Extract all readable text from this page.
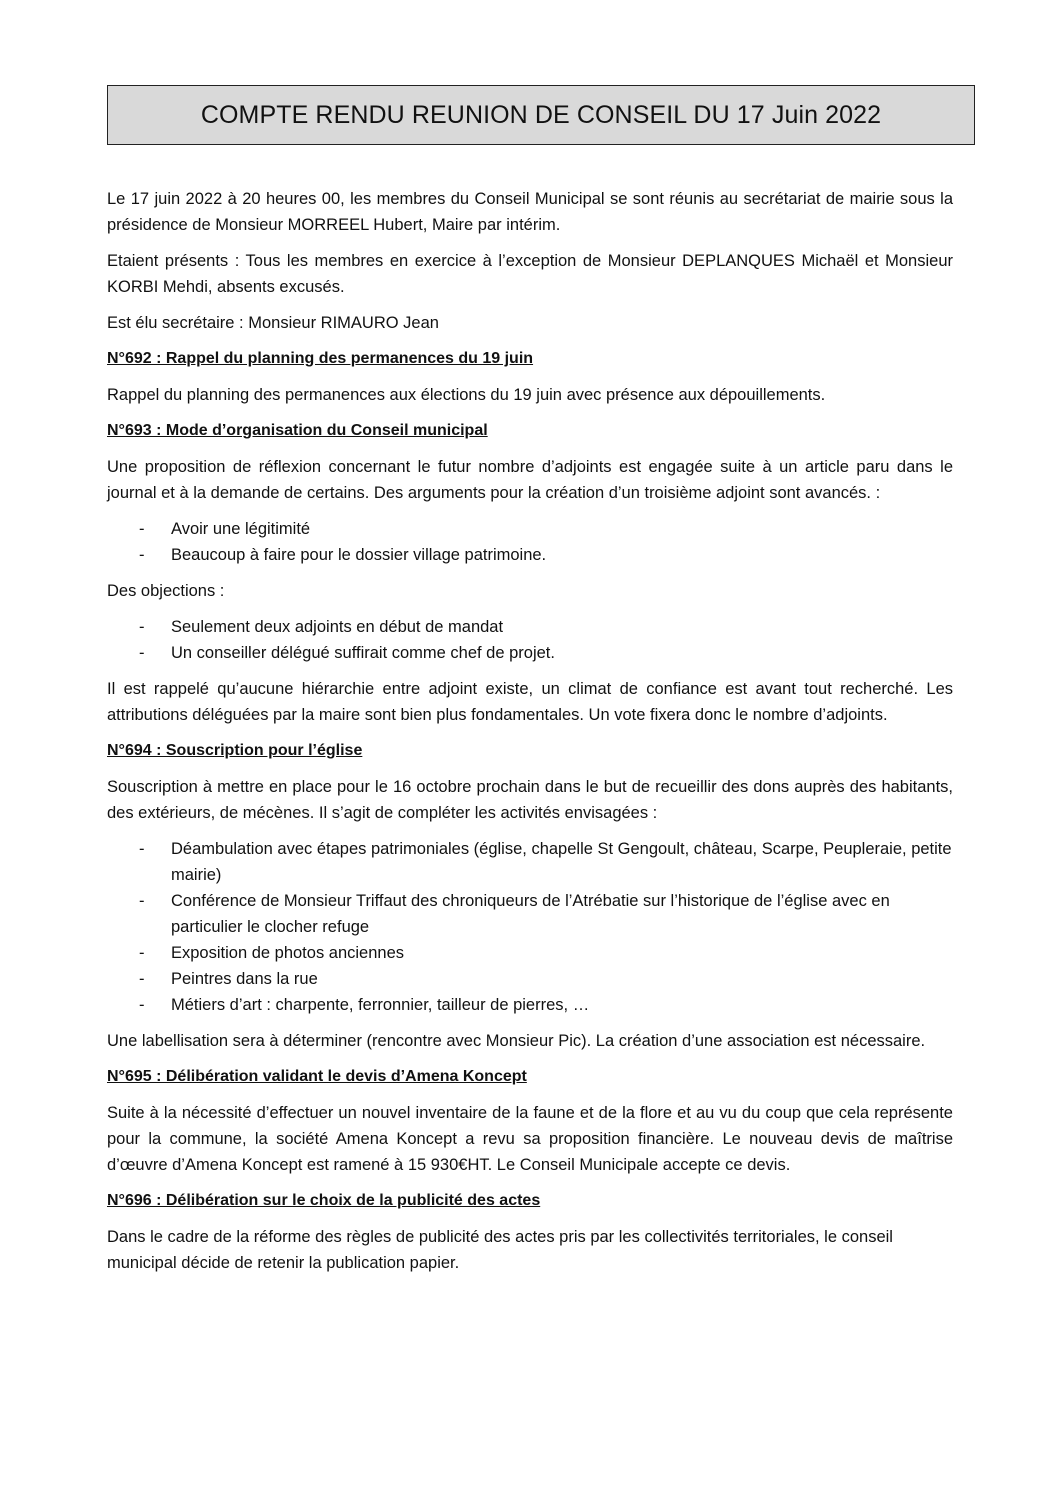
COMPTE RENDU REUNION DE CONSEIL DU 17 Juin 2022

Le 17 juin 2022 à 20 heures 00, les membres du Conseil Municipal se sont réunis au secrétariat de mairie sous la présidence de Monsieur MORREEL Hubert, Maire par intérim.

Etaient présents : Tous les membres en exercice à l’exception de Monsieur DEPLANQUES Michaël et Monsieur KORBI Mehdi, absents excusés.

Est élu secrétaire : Monsieur RIMAURO Jean

N°692 : Rappel du planning des permanences du 19 juin

Rappel du planning des permanences aux élections du 19 juin avec présence aux dépouillements.

N°693 : Mode d’organisation du Conseil municipal

Une proposition de réflexion concernant le futur nombre d’adjoints est engagée suite à un article paru dans le journal et à la demande de certains. Des arguments pour la création d’un troisième adjoint sont avancés. :

- Avoir une légitimité
- Beaucoup à faire pour le dossier village patrimoine.

Des objections :

- Seulement deux adjoints en début de mandat
- Un conseiller délégué suffirait comme chef de projet.

Il est rappelé qu’aucune hiérarchie entre adjoint existe, un climat de confiance est avant tout recherché. Les attributions déléguées par la maire sont bien plus fondamentales. Un vote fixera donc le nombre d’adjoints.

N°694 : Souscription pour l’église

Souscription à mettre en place pour le 16 octobre prochain dans le but de recueillir des dons auprès des habitants, des extérieurs, de mécènes. Il s’agit de compléter les activités envisagées :

- Déambulation avec étapes patrimoniales (église, chapelle St Gengoult, château, Scarpe, Peupleraie, petite mairie)
- Conférence de Monsieur Triffaut des chroniqueurs de l’Atrébatie sur l’historique de l’église avec en particulier le clocher refuge
- Exposition de photos anciennes
- Peintres dans la rue
- Métiers d’art : charpente, ferronnier, tailleur de pierres, …

Une labellisation sera à déterminer (rencontre avec Monsieur Pic). La création d’une association est nécessaire.

N°695 : Délibération validant le devis d’Amena Koncept

Suite à la nécessité d’effectuer un nouvel inventaire de la faune et de la flore et au vu du coup que cela représente pour la commune, la société Amena Koncept a revu sa proposition financière. Le nouveau devis de maîtrise d’œuvre d’Amena Koncept est ramené à 15 930€HT. Le Conseil Municipale accepte ce devis.

N°696 : Délibération sur le choix de la publicité des actes

Dans le cadre de la réforme des règles de publicité des actes pris par les collectivités territoriales, le conseil municipal décide de retenir la publication papier.
